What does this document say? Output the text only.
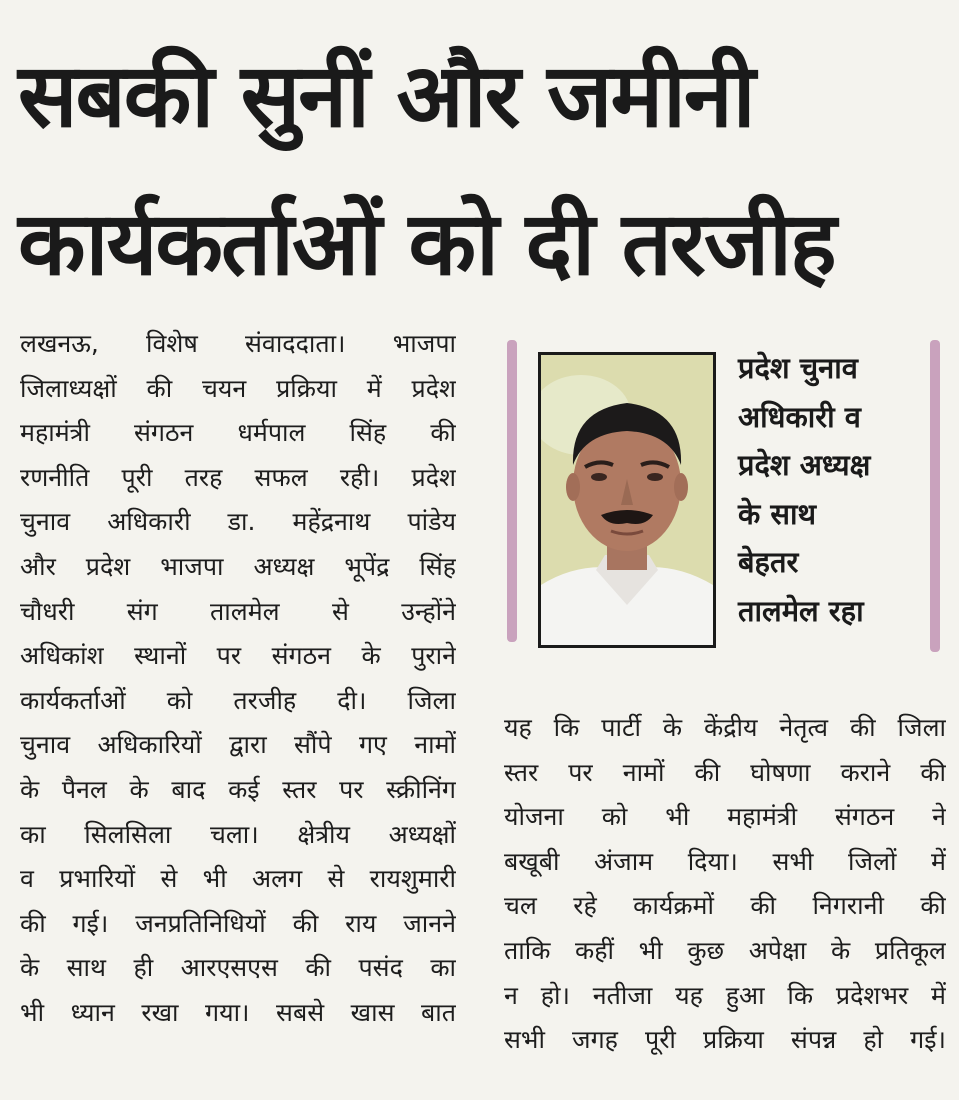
सबकी सुनीं और जमीनी
कार्यकर्ताओं को दी तरजीह
लखनऊ, विशेष संवाददाता। भाजपा
जिलाध्यक्षों की चयन प्रक्रिया में प्रदेश
महामंत्री संगठन धर्मपाल सिंह की
रणनीति पूरी तरह सफल रही। प्रदेश
चुनाव अधिकारी डा. महेंद्रनाथ पांडेय
और प्रदेश भाजपा अध्यक्ष भूपेंद्र सिंह
चौधरी संग तालमेल से उन्होंने
अधिकांश स्थानों पर संगठन के पुराने
कार्यकर्ताओं को तरजीह दी। जिला
चुनाव अधिकारियों द्वारा सौंपे गए नामों
के पैनल के बाद कई स्तर पर स्क्रीनिंग
का सिलसिला चला। क्षेत्रीय अध्यक्षों
व प्रभारियों से भी अलग से रायशुमारी
की गई। जनप्रतिनिधियों की राय जानने
के साथ ही आरएसएस की पसंद का
भी ध्यान रखा गया। सबसे खास बात
प्रदेश चुनाव
अधिकारी व
प्रदेश अध्यक्ष
के साथ
बेहतर
तालमेल रहा
यह कि पार्टी के केंद्रीय नेतृत्व की जिला
स्तर पर नामों की घोषणा कराने की
योजना को भी महामंत्री संगठन ने
बखूबी अंजाम दिया। सभी जिलों में
चल रहे कार्यक्रमों की निगरानी की
ताकि कहीं भी कुछ अपेक्षा के प्रतिकूल
न हो। नतीजा यह हुआ कि प्रदेशभर में
सभी जगह पूरी प्रक्रिया संपन्न हो गई।
